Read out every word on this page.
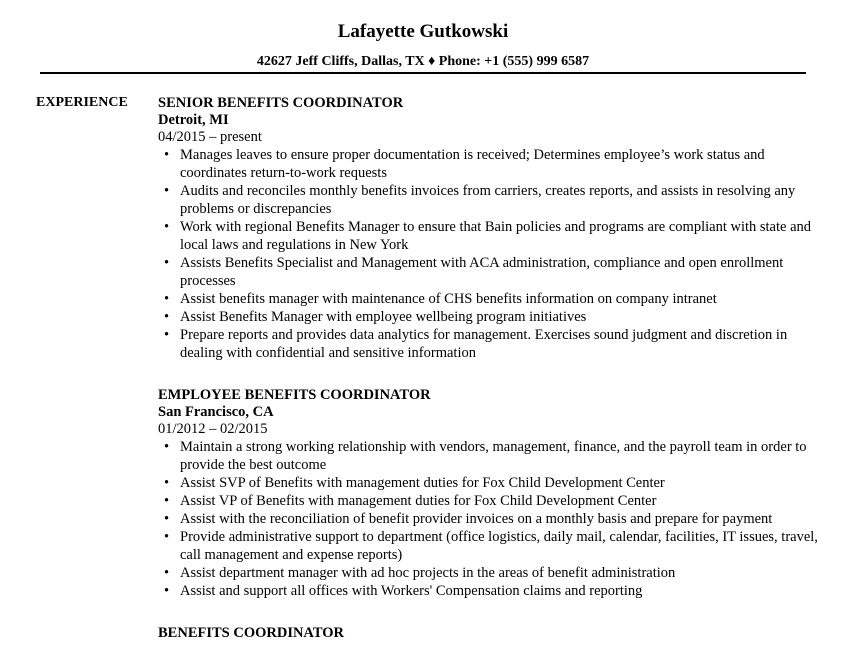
Lafayette Gutkowski
42627 Jeff Cliffs, Dallas, TX ♦ Phone: +1 (555) 999 6587
EXPERIENCE SENIOR BENEFITS COORDINATOR
Detroit, MI
04/2015 – present
• Manages leaves to ensure proper documentation is received; Determines employee’s work status and coordinates return-to-work requests
• Audits and reconciles monthly benefits invoices from carriers, creates reports, and assists in resolving any problems or discrepancies
• Work with regional Benefits Manager to ensure that Bain policies and programs are compliant with state and local laws and regulations in New York
• Assists Benefits Specialist and Management with ACA administration, compliance and open enrollment processes
• Assist benefits manager with maintenance of CHS benefits information on company intranet
• Assist Benefits Manager with employee wellbeing program initiatives
• Prepare reports and provides data analytics for management. Exercises sound judgment and discretion in dealing with confidential and sensitive information
EMPLOYEE BENEFITS COORDINATOR
San Francisco, CA
01/2012 – 02/2015
• Maintain a strong working relationship with vendors, management, finance, and the payroll team in order to provide the best outcome
• Assist SVP of Benefits with management duties for Fox Child Development Center
• Assist VP of Benefits with management duties for Fox Child Development Center
• Assist with the reconciliation of benefit provider invoices on a monthly basis and prepare for payment
• Provide administrative support to department (office logistics, daily mail, calendar, facilities, IT issues, travel, call management and expense reports)
• Assist department manager with ad hoc projects in the areas of benefit administration
• Assist and support all offices with Workers' Compensation claims and reporting
BENEFITS COORDINATOR
